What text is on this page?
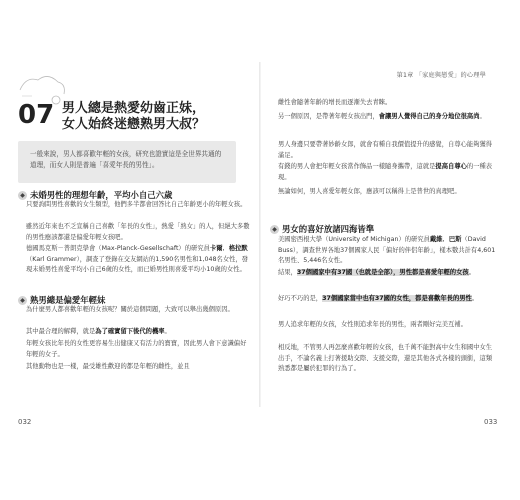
07 男人總是熱愛幼齒正妹，
女人始終迷戀熟男大叔？
一般來說，男人都喜歡年輕的女孩，研究也證實這是全世界共通的道理，而女人則是普遍「喜愛年長的男性」。
◆ 未婚男性的理想年齡，平均小自己六歲
只要詢問男性喜歡的女生類型，他們多半都會回答比自己年齡更小的年輕女孩。
雖然近年來也不乏宣稱自己喜歡「年長的女性」，熱愛「熟女」的人，但絕大多數的男性應該都還是偏愛年輕女孩吧。
德國馬克斯－普朗克學會（Max-Planck-Gesellschaft）的研究員卡爾．格拉默（Karl Grammer），調查了登錄在交友網站的1,590名男性和1,048名女性，發現未婚男性喜愛平均小自己6歲的女性，而已婚男性則喜愛平均小10歲的女性。
◆ 熟男總是偏愛年輕妹
為什麼男人都喜歡年輕的女孩呢？關於這個問題，大致可以舉出幾個原因。
其中最合理的解釋，就是為了確實留下後代的機率。
年輕女孩比年長的女性更容易生出健康又有活力的寶寶，因此男人會下意識偏好年輕的女子。
其他動物也是一樣，最受雄性歡迎的都是年輕的雌性，並且
032
第1章 「家庭與戀愛」的心理學
雌性會隨著年齡的增長而逐漸失去青睞。
另一個原因，是帶著年輕女孩出門，會讓男人覺得自己的身分地位很高尚。
男人身邊只要帶著妙齡女郎，就會有種自我價值提升的感覺，自尊心能夠獲得滿足。
有錢的男人會把年輕女孩當作飾品一樣隨身攜帶，這就是提高自尊心的一種表現。
無論如何，男人喜愛年輕女郎，應該可以稱得上是普世的真理吧。
◆ 男女的喜好放諸四海皆準
美國密西根大學（University of Michigan）的研究員戴維．巴斯（David Buss），調查世界各地37個國家人民「偏好的伴侶年齡」，樣本數共計有4,601名男性、5,446名女性。
結果，37個國家中有37國（也就是全部），男性都是喜愛年輕的女孩。
好巧不巧的是，37個國家當中也有37國的女性，都是喜歡年長的男性。
男人追求年輕的女孩，女性則追求年長的男性，兩者剛好完美互補。
相反地，不管男人再怎麼喜歡年輕的女孩，也千萬不能對高中女生和國中女生出手，不論名義上打著援助交際、支援交際，還是其他各式各樣的頭銜，這類熟悉都是屬於犯罪的行為了。
033
